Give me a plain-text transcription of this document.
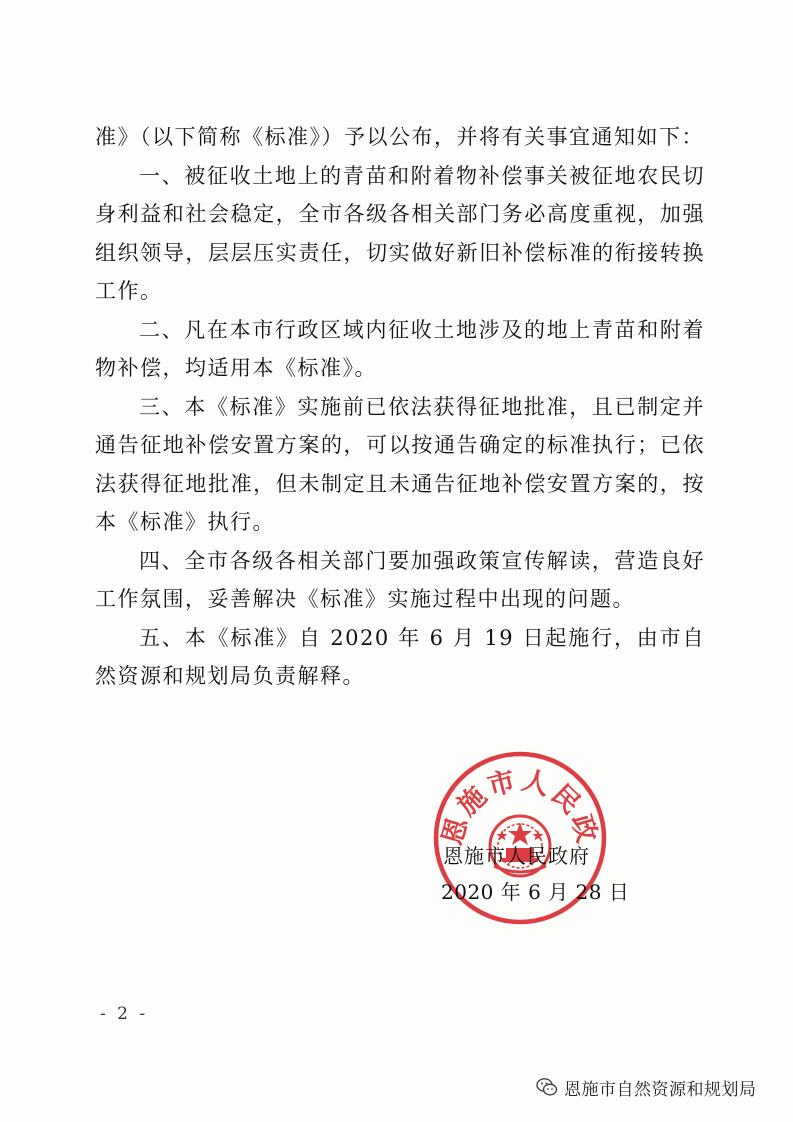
准》（以下简称《标准》）予以公布，并将有关事宜通知如下：

一、被征收土地上的青苗和附着物补偿事关被征地农民切身利益和社会稳定，全市各级各相关部门务必高度重视，加强组织领导，层层压实责任，切实做好新旧补偿标准的衔接转换工作。

二、凡在本市行政区域内征收土地涉及的地上青苗和附着物补偿，均适用本《标准》。

三、本《标准》实施前已依法获得征地批准，且已制定并通告征地补偿安置方案的，可以按通告确定的标准执行；已依法获得征地批准，但未制定且未通告征地补偿安置方案的，按本《标准》执行。

四、全市各级各相关部门要加强政策宣传解读，营造良好工作氛围，妥善解决《标准》实施过程中出现的问题。

五、本《标准》自 2020 年 6 月 19 日起施行，由市自然资源和规划局负责解释。

恩施市人民政
恩施市人民政府
2020 年 6 月 28 日
- 2 -
恩施市自然资源和规划局
